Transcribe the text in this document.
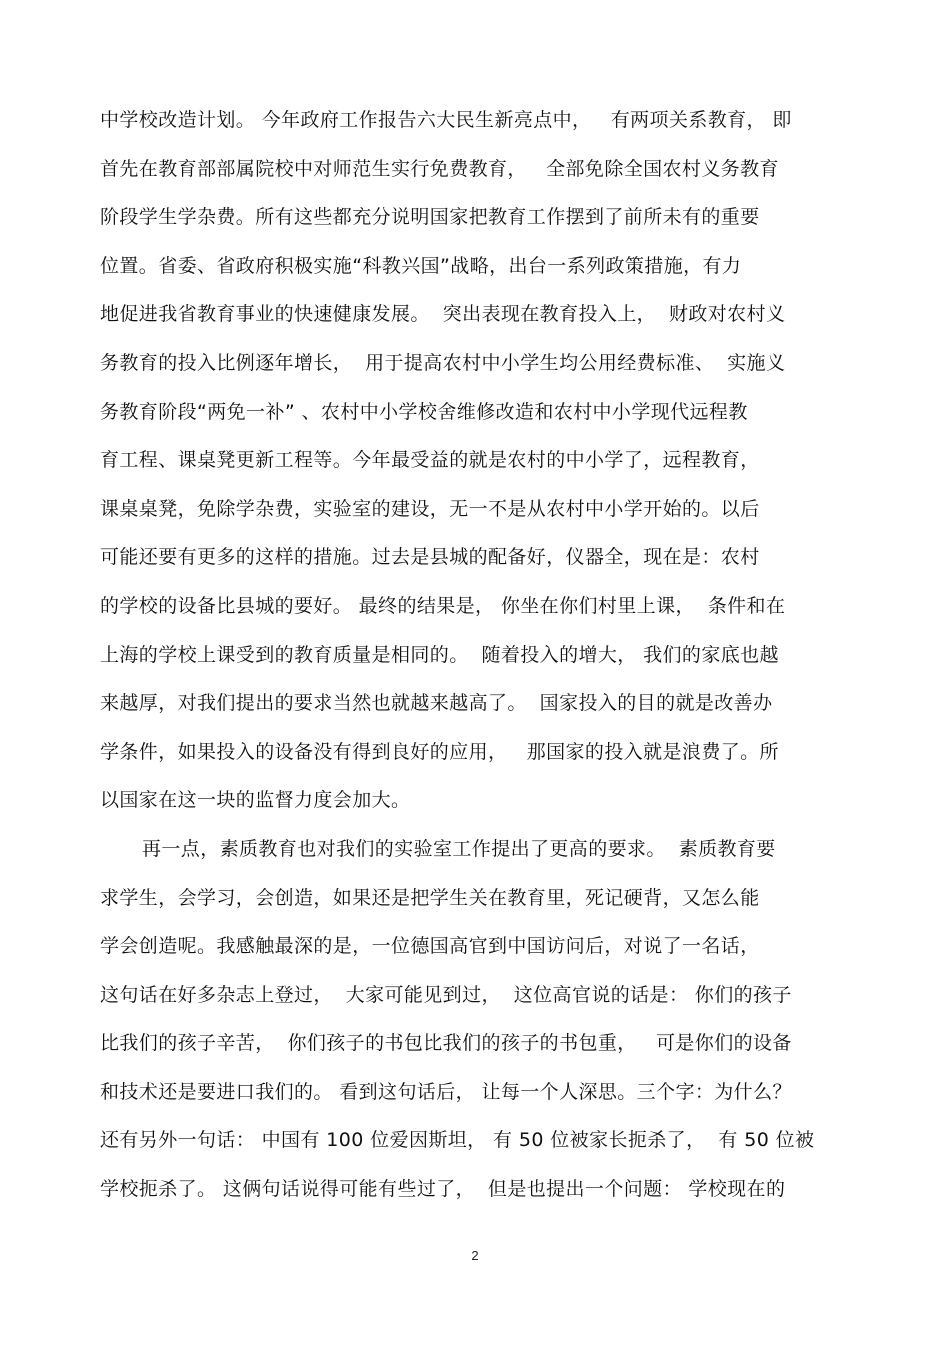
中学校改造计划。 今年政府工作报告六大民生新亮点中，   有两项关系教育， 即
首先在教育部部属院校中对师范生实行免费教育，   全部免除全国农村义务教育
阶段学生学杂费。所有这些都充分说明国家把教育工作摆到了前所未有的重要
位置。省委、省政府积极实施“科教兴国”战略，出台一系列政策措施，有力
地促进我省教育事业的快速健康发展。  突出表现在教育投入上，  财政对农村义
务教育的投入比例逐年增长，  用于提高农村中小学生均公用经费标准、  实施义
务教育阶段“两免一补” 、农村中小学校舍维修改造和农村中小学现代远程教
育工程、课桌凳更新工程等。今年最受益的就是农村的中小学了，远程教育，
课桌桌凳，免除学杂费，实验室的建设，无一不是从农村中小学开始的。以后
可能还要有更多的这样的措施。过去是县城的配备好，仪器全，现在是：农村
的学校的设备比县城的要好。 最终的结果是， 你坐在你们村里上课，  条件和在
上海的学校上课受到的教育质量是相同的。  随着投入的增大， 我们的家底也越
来越厚，对我们提出的要求当然也就越来越高了。  国家投入的目的就是改善办
学条件，如果投入的设备没有得到良好的应用，   那国家的投入就是浪费了。所
以国家在这一块的监督力度会加大。
再一点，素质教育也对我们的实验室工作提出了更高的要求。  素质教育要
求学生，会学习，会创造，如果还是把学生关在教育里，死记硬背，又怎么能
学会创造呢。我感触最深的是，一位德国高官到中国访问后，对说了一名话，
这句话在好多杂志上登过，  大家可能见到过，  这位高官说的话是： 你们的孩子
比我们的孩子辛苦，  你们孩子的书包比我们的孩子的书包重，   可是你们的设备
和技术还是要进口我们的。 看到这句话后， 让每一个人深思。三个字：为什么？
还有另外一句话： 中国有 100 位爱因斯坦， 有 50 位被家长扼杀了，  有 50 位被
学校扼杀了。 这俩句话说得可能有些过了，  但是也提出一个问题： 学校现在的
2
